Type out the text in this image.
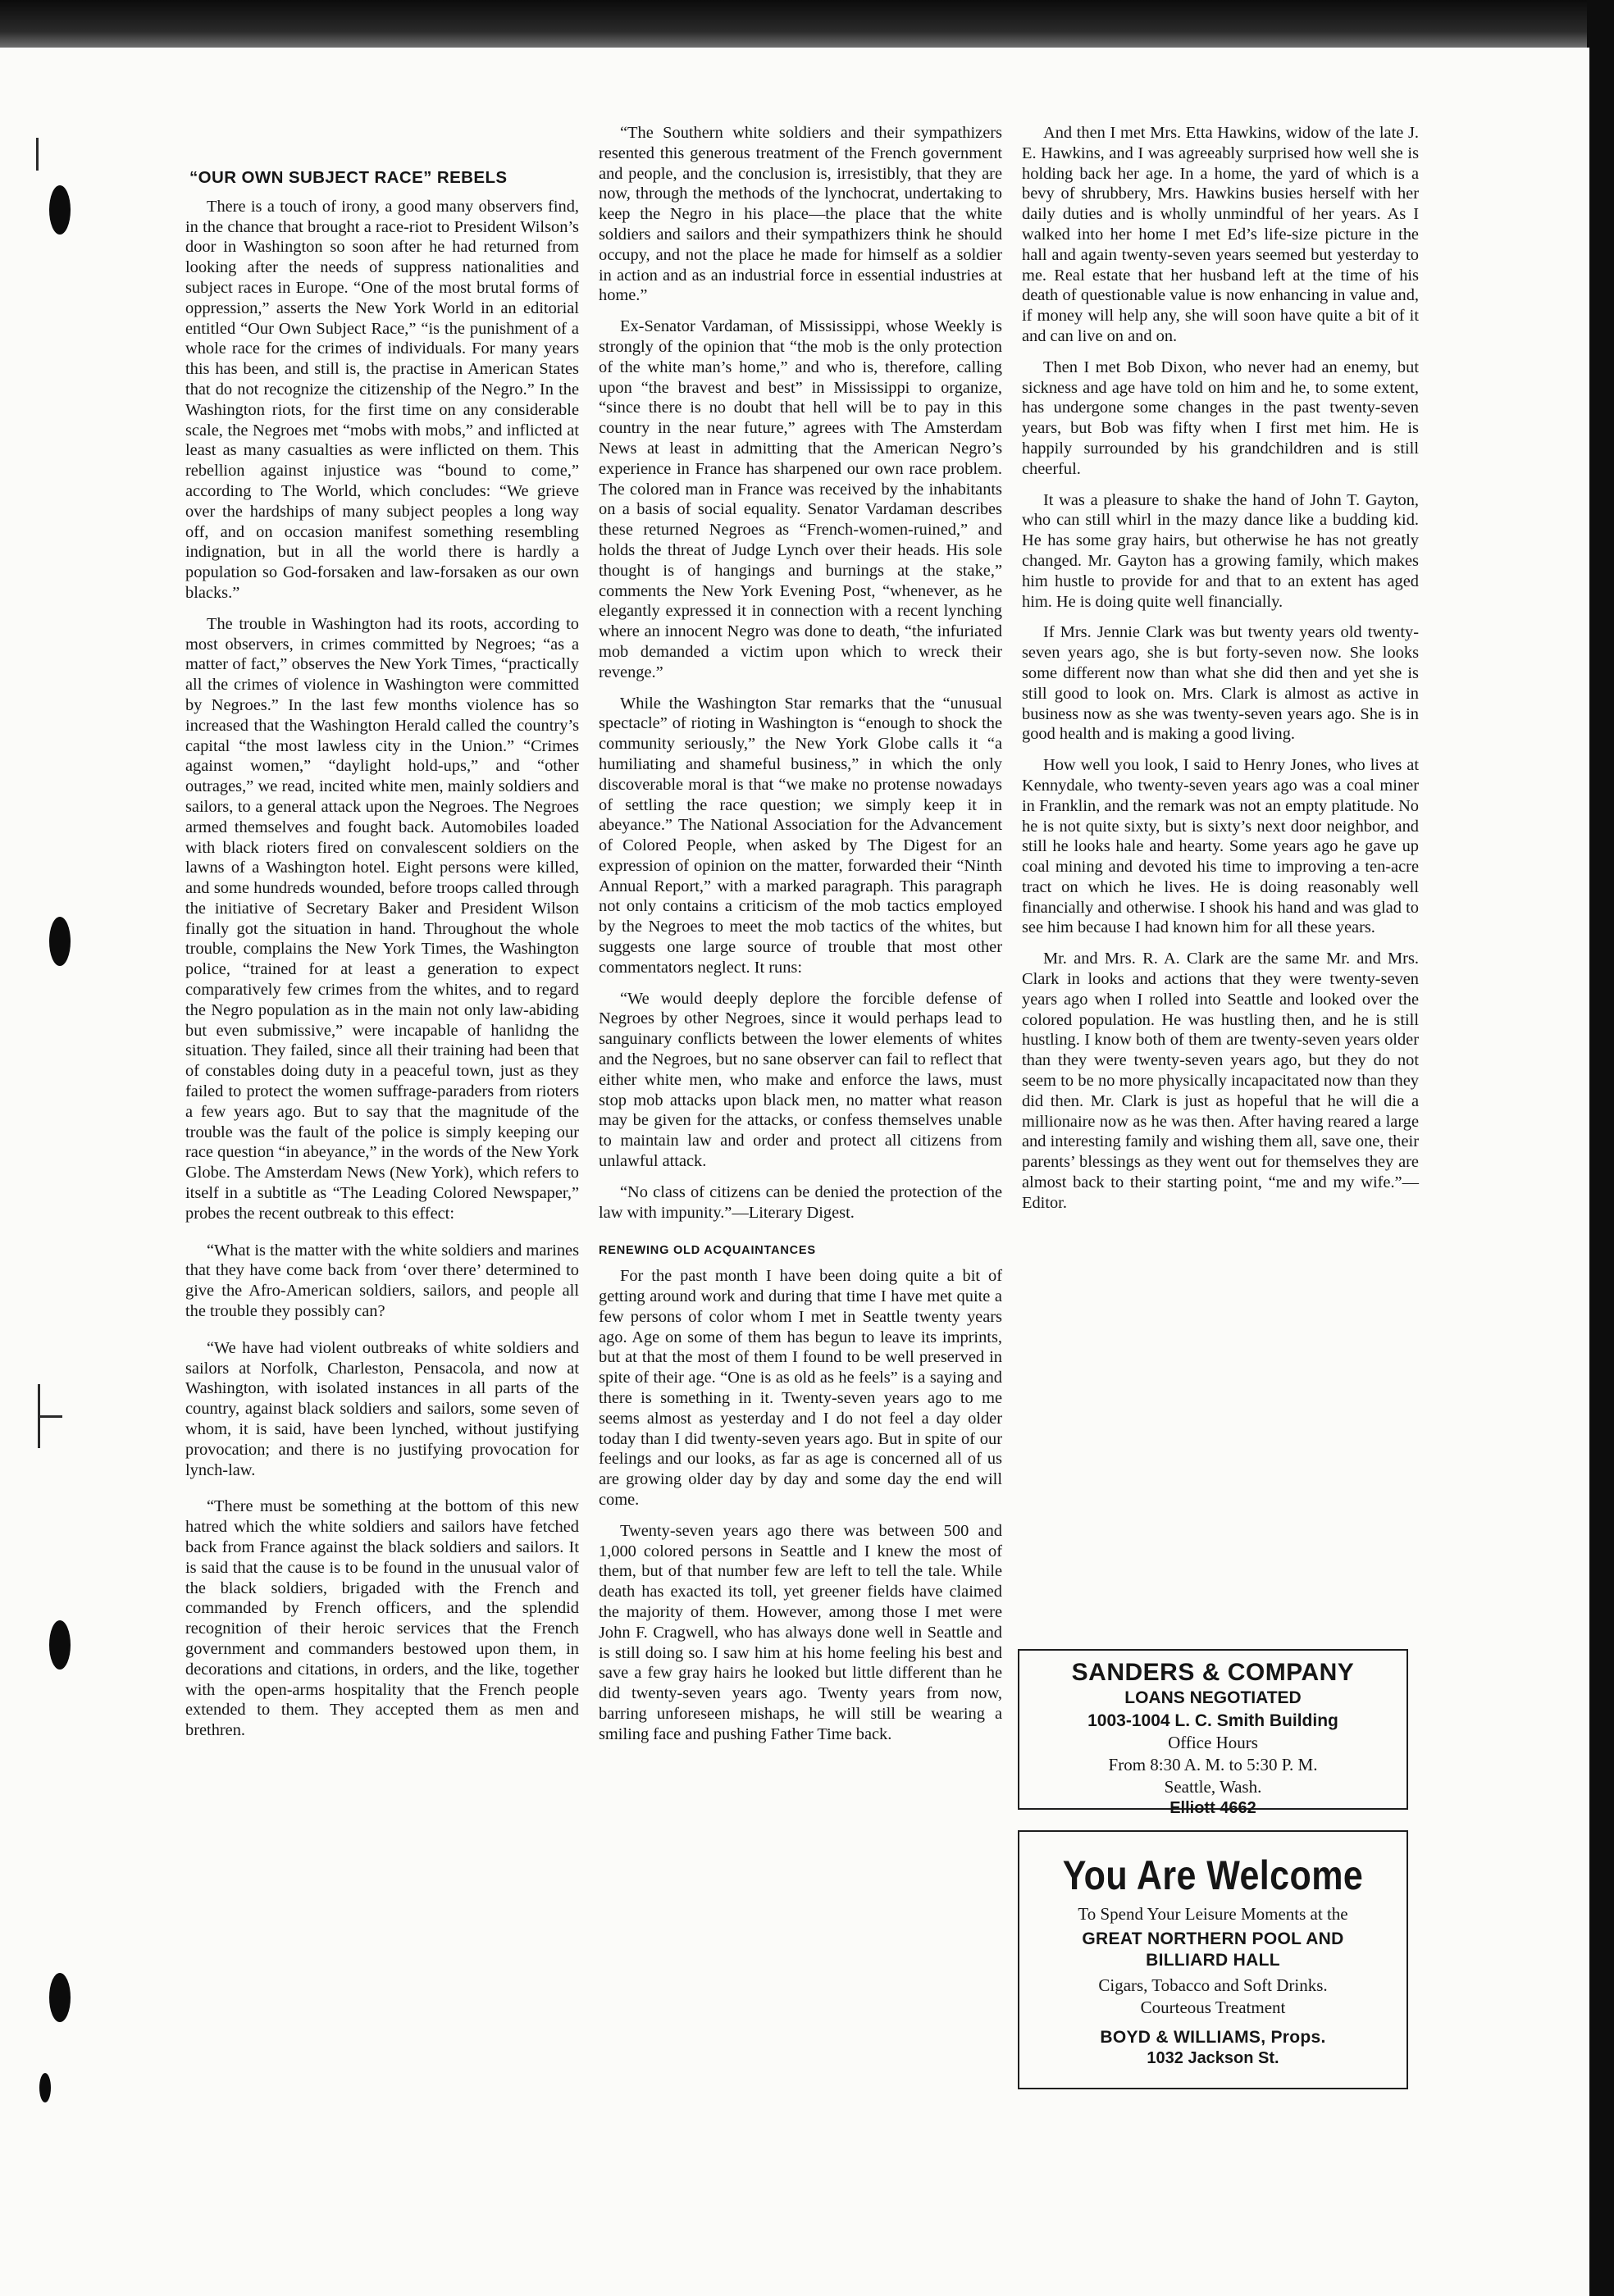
“OUR OWN SUBJECT RACE” REBELS

There is a touch of irony, a good many observers find, in the chance that brought a race-riot to President Wilson’s door in Washington so soon after he had returned from looking after the needs of suppress nationalities and subject races in Europe. “One of the most brutal forms of oppression,” asserts the New York World in an editorial entitled “Our Own Subject Race,” “is the punishment of a whole race for the crimes of individuals. For many years this has been, and still is, the practise in American States that do not recognize the citizenship of the Negro.” In the Washington riots, for the first time on any considerable scale, the Negroes met “mobs with mobs,” and inflicted at least as many casualties as were inflicted on them. This rebellion against injustice was “bound to come,” according to The World, which concludes: “We grieve over the hardships of many subject peoples a long way off, and on occasion manifest something resembling indignation, but in all the world there is hardly a population so God-forsaken and law-forsaken as our own blacks.”

The trouble in Washington had its roots, according to most observers, in crimes committed by Negroes; “as a matter of fact,” observes the New York Times, “practically all the crimes of violence in Washington were committed by Negroes.” In the last few months violence has so increased that the Washington Herald called the country’s capital “the most lawless city in the Union.” “Crimes against women,” “daylight hold-ups,” and “other outrages,” we read, incited white men, mainly soldiers and sailors, to a general attack upon the Negroes. The Negroes armed themselves and fought back. Automobiles loaded with black rioters fired on convalescent soldiers on the lawns of a Washington hotel. Eight persons were killed, and some hundreds wounded, before troops called through the initiative of Secretary Baker and President Wilson finally got the situation in hand. Throughout the whole trouble, complains the New York Times, the Washington police, “trained for at least a generation to expect comparatively few crimes from the whites, and to regard the Negro population as in the main not only law-abiding but even submissive,” were incapable of hanlidng the situation. They failed, since all their training had been that of constables doing duty in a peaceful town, just as they failed to protect the women suffrage-paraders from rioters a few years ago. But to say that the magnitude of the trouble was the fault of the police is simply keeping our race question “in abeyance,” in the words of the New York Globe. The Amsterdam News (New York), which refers to itself in a subtitle as “The Leading Colored Newspaper,” probes the recent outbreak to this effect:

“What is the matter with the white soldiers and marines that they have come back from ‘over there’ determined to give the Afro-American soldiers, sailors, and people all the trouble they possibly can?

“We have had violent outbreaks of white soldiers and sailors at Norfolk, Charleston, Pensacola, and now at Washington, with isolated instances in all parts of the country, against black soldiers and sailors, some seven of whom, it is said, have been lynched, without justifying provocation; and there is no justifying provocation for lynch-law.

“There must be something at the bottom of this new hatred which the white soldiers and sailors have fetched back from France against the black soldiers and sailors. It is said that the cause is to be found in the unusual valor of the black soldiers, brigaded with the French and commanded by French officers, and the splendid recognition of their heroic services that the French government and commanders bestowed upon them, in decorations and citations, in orders, and the like, together with the open-arms hospitality that the French people extended to them. They accepted them as men and brethren.

“The Southern white soldiers and their sympathizers resented this generous treatment of the French government and people, and the conclusion is, irresistibly, that they are now, through the methods of the lynchocrat, undertaking to keep the Negro in his place—the place that the white soldiers and sailors and their sympathizers think he should occupy, and not the place he made for himself as a soldier in action and as an industrial force in essential industries at home.”

Ex-Senator Vardaman, of Mississippi, whose Weekly is strongly of the opinion that “the mob is the only protection of the white man’s home,” and who is, therefore, calling upon “the bravest and best” in Mississippi to organize, “since there is no doubt that hell will be to pay in this country in the near future,” agrees with The Amsterdam News at least in admitting that the American Negro’s experience in France has sharpened our own race problem. The colored man in France was received by the inhabitants on a basis of social equality. Senator Vardaman describes these returned Negroes as “French-women-ruined,” and holds the threat of Judge Lynch over their heads. His sole thought is of hangings and burnings at the stake,” comments the New York Evening Post, “whenever, as he elegantly expressed it in connection with a recent lynching where an innocent Negro was done to death, “the infuriated mob demanded a victim upon which to wreck their revenge.”

While the Washington Star remarks that the “unusual spectacle” of rioting in Washington is “enough to shock the community seriously,” the New York Globe calls it “a humiliating and shameful business,” in which the only discoverable moral is that “we make no protense nowadays of settling the race question; we simply keep it in abeyance.” The National Association for the Advancement of Colored People, when asked by The Digest for an expression of opinion on the matter, forwarded their “Ninth Annual Report,” with a marked paragraph. This paragraph not only contains a criticism of the mob tactics employed by the Negroes to meet the mob tactics of the whites, but suggests one large source of trouble that most other commentators neglect. It runs:

“We would deeply deplore the forcible defense of Negroes by other Negroes, since it would perhaps lead to sanguinary conflicts between the lower elements of whites and the Negroes, but no sane observer can fail to reflect that either white men, who make and enforce the laws, must stop mob attacks upon black men, no matter what reason may be given for the attacks, or confess themselves unable to maintain law and order and protect all citizens from unlawful attack.

“No class of citizens can be denied the protection of the law with impunity.”—Literary Digest.

RENEWING OLD ACQUAINTANCES

For the past month I have been doing quite a bit of getting around work and during that time I have met quite a few persons of color whom I met in Seattle twenty years ago. Age on some of them has begun to leave its imprints, but at that the most of them I found to be well preserved in spite of their age. “One is as old as he feels” is a saying and there is something in it. Twenty-seven years ago to me seems almost as yesterday and I do not feel a day older today than I did twenty-seven years ago. But in spite of our feelings and our looks, as far as age is concerned all of us are growing older day by day and some day the end will come.

Twenty-seven years ago there was between 500 and 1,000 colored persons in Seattle and I knew the most of them, but of that number few are left to tell the tale. While death has exacted its toll, yet greener fields have claimed the majority of them. However, among those I met were John F. Cragwell, who has always done well in Seattle and is still doing so. I saw him at his home feeling his best and save a few gray hairs he looked but little different than he did twenty-seven years ago. Twenty years from now, barring unforeseen mishaps, he will still be wearing a smiling face and pushing Father Time back.

And then I met Mrs. Etta Hawkins, widow of the late J. E. Hawkins, and I was agreeably surprised how well she is holding back her age. In a home, the yard of which is a bevy of shrubbery, Mrs. Hawkins busies herself with her daily duties and is wholly unmindful of her years. As I walked into her home I met Ed’s life-size picture in the hall and again twenty-seven years seemed but yesterday to me. Real estate that her husband left at the time of his death of questionable value is now enhancing in value and, if money will help any, she will soon have quite a bit of it and can live on and on.

Then I met Bob Dixon, who never had an enemy, but sickness and age have told on him and he, to some extent, has undergone some changes in the past twenty-seven years, but Bob was fifty when I first met him. He is happily surrounded by his grandchildren and is still cheerful.

It was a pleasure to shake the hand of John T. Gayton, who can still whirl in the mazy dance like a budding kid. He has some gray hairs, but otherwise he has not greatly changed. Mr. Gayton has a growing family, which makes him hustle to provide for and that to an extent has aged him. He is doing quite well financially.

If Mrs. Jennie Clark was but twenty years old twenty-seven years ago, she is but forty-seven now. She looks some different now than what she did then and yet she is still good to look on. Mrs. Clark is almost as active in business now as she was twenty-seven years ago. She is in good health and is making a good living.

How well you look, I said to Henry Jones, who lives at Kennydale, who twenty-seven years ago was a coal miner in Franklin, and the remark was not an empty platitude. No he is not quite sixty, but is sixty’s next door neighbor, and still he looks hale and hearty. Some years ago he gave up coal mining and devoted his time to improving a ten-acre tract on which he lives. He is doing reasonably well financially and otherwise. I shook his hand and was glad to see him because I had known him for all these years.

Mr. and Mrs. R. A. Clark are the same Mr. and Mrs. Clark in looks and actions that they were twenty-seven years ago when I rolled into Seattle and looked over the colored population. He was hustling then, and he is still hustling. I know both of them are twenty-seven years older than they were twenty-seven years ago, but they do not seem to be no more physically incapacitated now than they did then. Mr. Clark is just as hopeful that he will die a millionaire now as he was then. After having reared a large and interesting family and wishing them all, save one, their parents’ blessings as they went out for themselves they are almost back to their starting point, “me and my wife.”—Editor.

SANDERS & COMPANY
LOANS NEGOTIATED
1003-1004 L. C. Smith Building
Office Hours
From 8:30 A. M. to 5:30 P. M.
Seattle, Wash.
Elliott 4662
You Are Welcome
To Spend Your Leisure Moments at the
GREAT NORTHERN POOL AND
BILLIARD HALL
Cigars, Tobacco and Soft Drinks.
Courteous Treatment
BOYD & WILLIAMS, Props.
1032 Jackson St.
